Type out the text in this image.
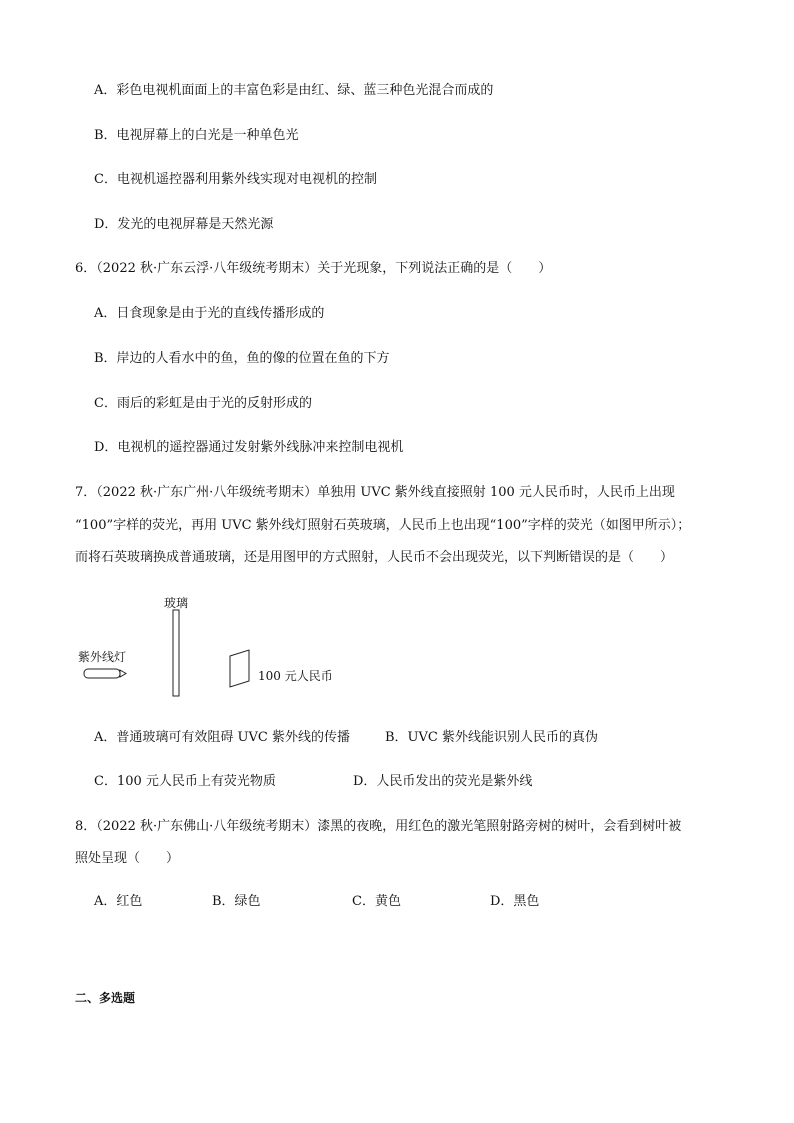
A．彩色电视机面面上的丰富色彩是由红、绿、蓝三种色光混合而成的
B．电视屏幕上的白光是一种单色光
C．电视机遥控器利用紫外线实现对电视机的控制
D．发光的电视屏幕是天然光源
6．（2022 秋·广东云浮·八年级统考期末）关于光现象，下列说法正确的是（　　）
A．日食现象是由于光的直线传播形成的
B．岸边的人看水中的鱼，鱼的像的位置在鱼的下方
C．雨后的彩虹是由于光的反射形成的
D．电视机的遥控器通过发射紫外线脉冲来控制电视机
7．（2022 秋·广东广州·八年级统考期末）单独用 UVC 紫外线直接照射 100 元人民币时，人民币上出现
“100”字样的荧光，再用 UVC 紫外线灯照射石英玻璃，人民币上也出现“100”字样的荧光（如图甲所示）；
而将石英玻璃换成普通玻璃，还是用图甲的方式照射，人民币不会出现荧光，以下判断错误的是（　　）
玻璃
紫外线灯
100 元人民币
A．普通玻璃可有效阻碍 UVC 紫外线的传播	B．UVC 紫外线能识别人民币的真伪
C．100 元人民币上有荧光物质	D．人民币发出的荧光是紫外线
8．（2022 秋·广东佛山·八年级统考期末）漆黑的夜晚，用红色的激光笔照射路旁树的树叶，会看到树叶被
照处呈现（　　）
A．红色	B．绿色	C．黄色	D．黑色
二、多选题
